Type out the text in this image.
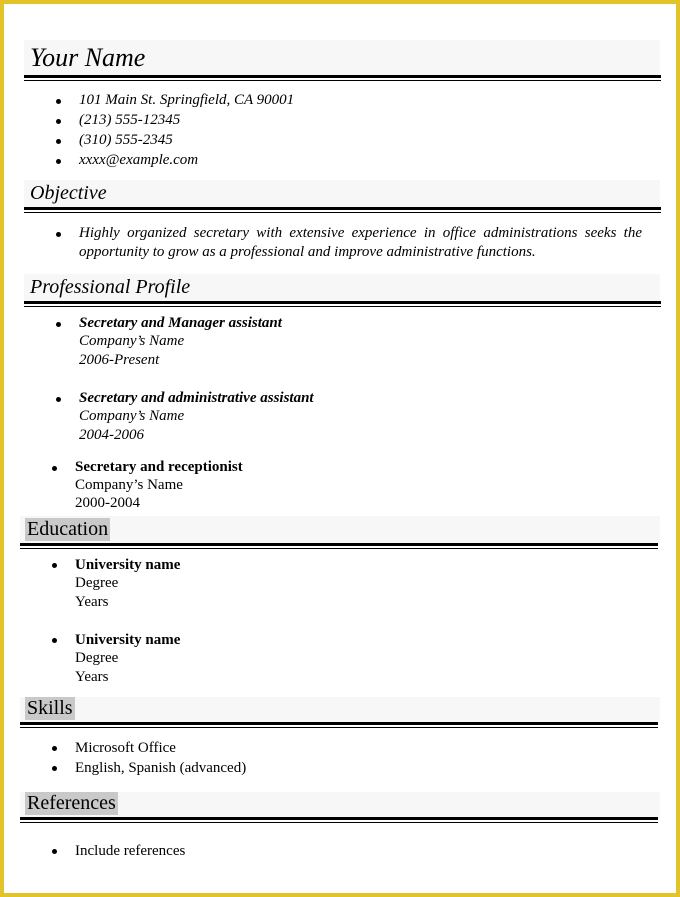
Your Name
101 Main St. Springfield, CA 90001
(213) 555-12345
(310) 555-2345
xxxx@example.com
Objective
Highly organized secretary with extensive experience in office administrations seeks the opportunity to grow as a professional and improve administrative functions.
Professional Profile
Secretary and Manager assistant
Company’s Name
2006-Present
Secretary and administrative assistant
Company’s Name
2004-2006
Secretary and receptionist
Company’s Name
2000-2004
Education
University name
Degree
Years
University name
Degree
Years
Skills
Microsoft Office
English, Spanish (advanced)
References
Include references
